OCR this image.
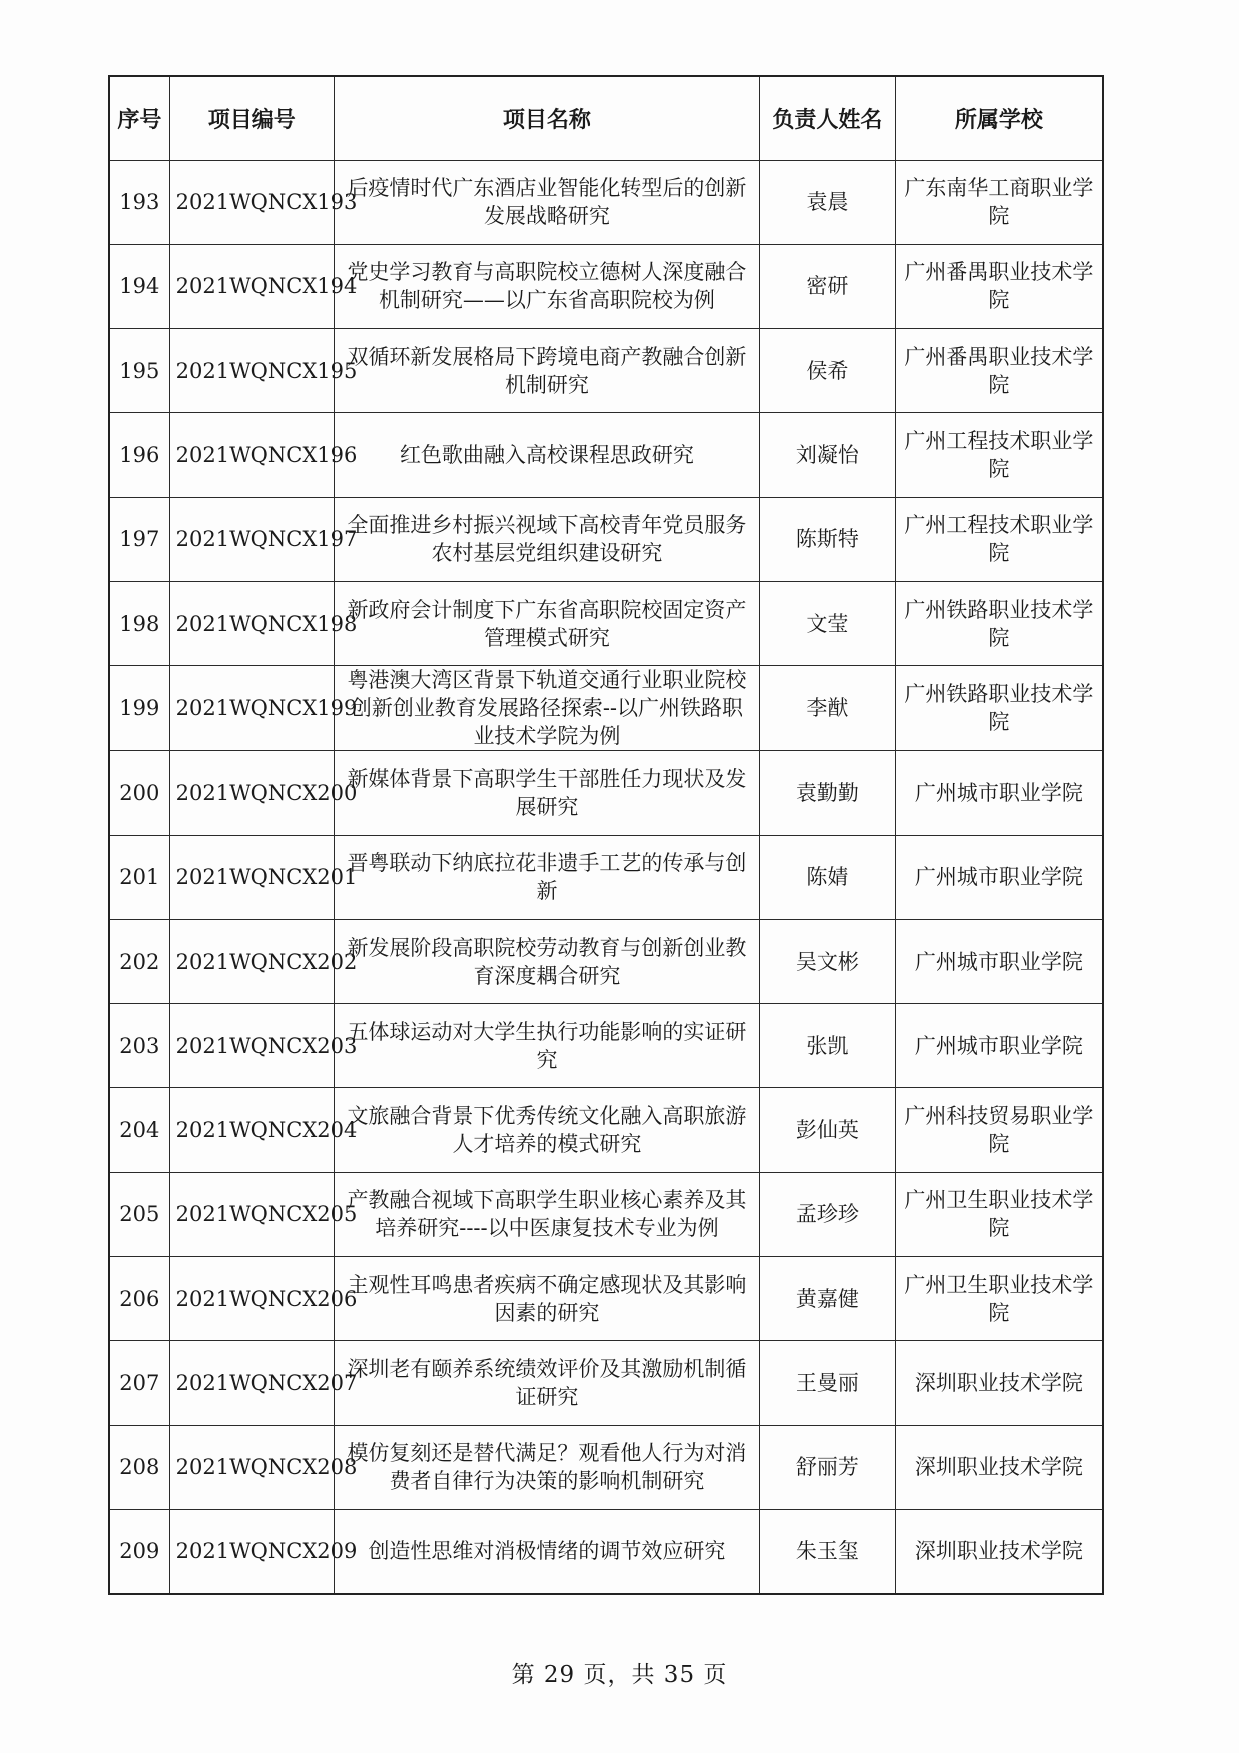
序号	项目编号	项目名称	负责人姓名	所属学校
193	2021WQNCX193	后疫情时代广东酒店业智能化转型后的创新发展战略研究	袁晨	广东南华工商职业学院
194	2021WQNCX194	党史学习教育与高职院校立德树人深度融合机制研究——以广东省高职院校为例	密研	广州番禺职业技术学院
195	2021WQNCX195	双循环新发展格局下跨境电商产教融合创新机制研究	侯希	广州番禺职业技术学院
196	2021WQNCX196	红色歌曲融入高校课程思政研究	刘凝怡	广州工程技术职业学院
197	2021WQNCX197	全面推进乡村振兴视域下高校青年党员服务农村基层党组织建设研究	陈斯特	广州工程技术职业学院
198	2021WQNCX198	新政府会计制度下广东省高职院校固定资产管理模式研究	文莹	广州铁路职业技术学院
199	2021WQNCX199	粤港澳大湾区背景下轨道交通行业职业院校创新创业教育发展路径探索--以广州铁路职业技术学院为例	李猷	广州铁路职业技术学院
200	2021WQNCX200	新媒体背景下高职学生干部胜任力现状及发展研究	袁勤勤	广州城市职业学院
201	2021WQNCX201	晋粤联动下纳底拉花非遗手工艺的传承与创新	陈婧	广州城市职业学院
202	2021WQNCX202	新发展阶段高职院校劳动教育与创新创业教育深度耦合研究	吴文彬	广州城市职业学院
203	2021WQNCX203	五体球运动对大学生执行功能影响的实证研究	张凯	广州城市职业学院
204	2021WQNCX204	文旅融合背景下优秀传统文化融入高职旅游人才培养的模式研究	彭仙英	广州科技贸易职业学院
205	2021WQNCX205	产教融合视域下高职学生职业核心素养及其培养研究----以中医康复技术专业为例	孟珍珍	广州卫生职业技术学院
206	2021WQNCX206	主观性耳鸣患者疾病不确定感现状及其影响因素的研究	黄嘉健	广州卫生职业技术学院
207	2021WQNCX207	深圳老有颐养系统绩效评价及其激励机制循证研究	王曼丽	深圳职业技术学院
208	2021WQNCX208	模仿复刻还是替代满足？观看他人行为对消费者自律行为决策的影响机制研究	舒丽芳	深圳职业技术学院
209	2021WQNCX209	创造性思维对消极情绪的调节效应研究	朱玉玺	深圳职业技术学院
第 29 页，共 35 页
